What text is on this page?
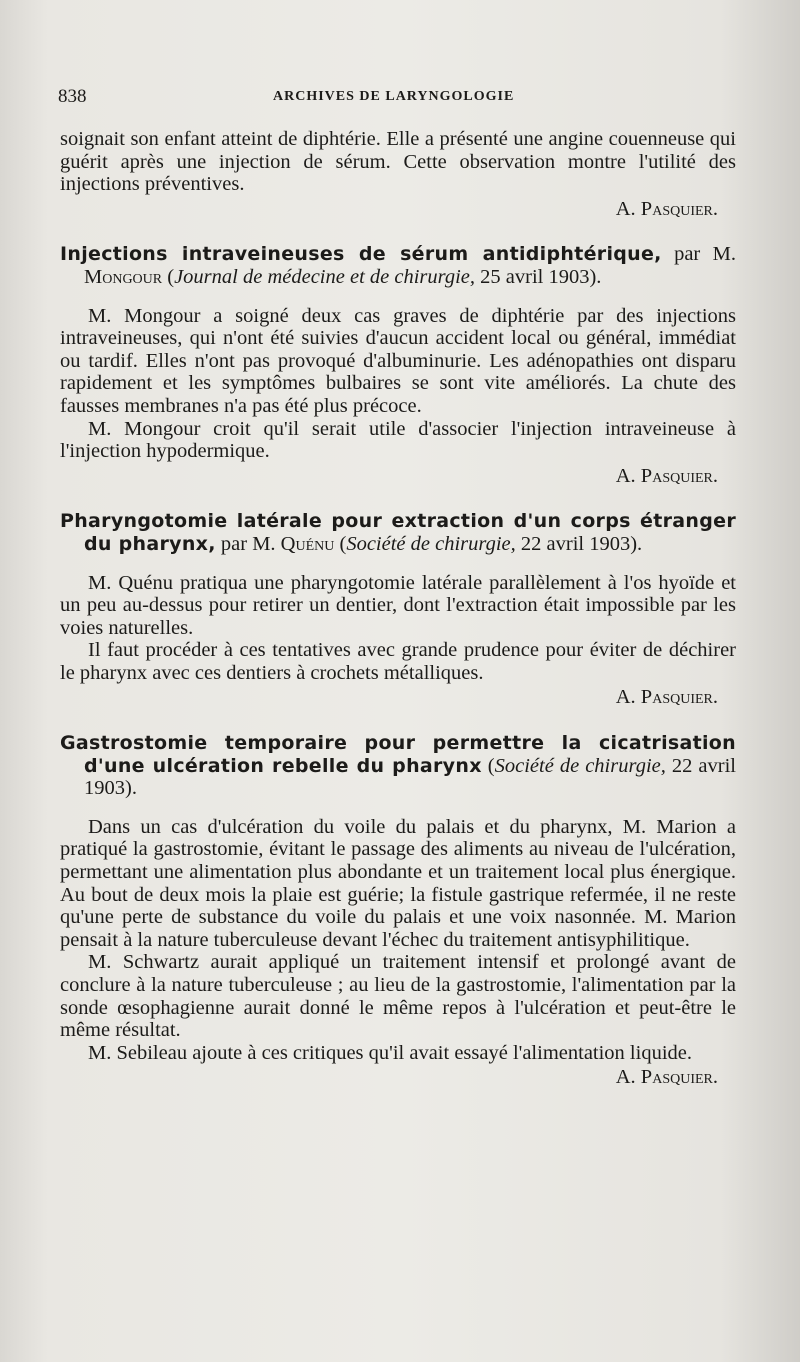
838	ARCHIVES DE LARYNGOLOGIE

soignait son enfant atteint de diphtérie. Elle a présenté une angine couenneuse qui guérit après une injection de sérum. Cette observation montre l'utilité des injections préventives.

A. Pasquier.

Injections intraveineuses de sérum antidiphtérique, par M. Mongour (Journal de médecine et de chirurgie, 25 avril 1903).

M. Mongour a soigné deux cas graves de diphtérie par des injections intraveineuses, qui n'ont été suivies d'aucun accident local ou général, immédiat ou tardif. Elles n'ont pas provoqué d'albuminurie. Les adénopathies ont disparu rapidement et les symptômes bulbaires se sont vite améliorés. La chute des fausses membranes n'a pas été plus précoce.

M. Mongour croit qu'il serait utile d'associer l'injection intraveineuse à l'injection hypodermique.

A. Pasquier.

Pharyngotomie latérale pour extraction d'un corps étranger du pharynx, par M. Quénu (Société de chirurgie, 22 avril 1903).

M. Quénu pratiqua une pharyngotomie latérale parallèlement à l'os hyoïde et un peu au-dessus pour retirer un dentier, dont l'extraction était impossible par les voies naturelles.

Il faut procéder à ces tentatives avec grande prudence pour éviter de déchirer le pharynx avec ces dentiers à crochets métalliques.

A. Pasquier.

Gastrostomie temporaire pour permettre la cicatrisation d'une ulcération rebelle du pharynx (Société de chirurgie, 22 avril 1903).

Dans un cas d'ulcération du voile du palais et du pharynx, M. Marion a pratiqué la gastrostomie, évitant le passage des aliments au niveau de l'ulcération, permettant une alimentation plus abondante et un traitement local plus énergique. Au bout de deux mois la plaie est guérie; la fistule gastrique refermée, il ne reste qu'une perte de substance du voile du palais et une voix nasonnée. M. Marion pensait à la nature tuberculeuse devant l'échec du traitement antisyphilitique.

M. Schwartz aurait appliqué un traitement intensif et prolongé avant de conclure à la nature tuberculeuse ; au lieu de la gastrostomie, l'alimentation par la sonde œsophagienne aurait donné le même repos à l'ulcération et peut-être le même résultat.

M. Sebileau ajoute à ces critiques qu'il avait essayé l'alimentation liquide.

A. Pasquier.
